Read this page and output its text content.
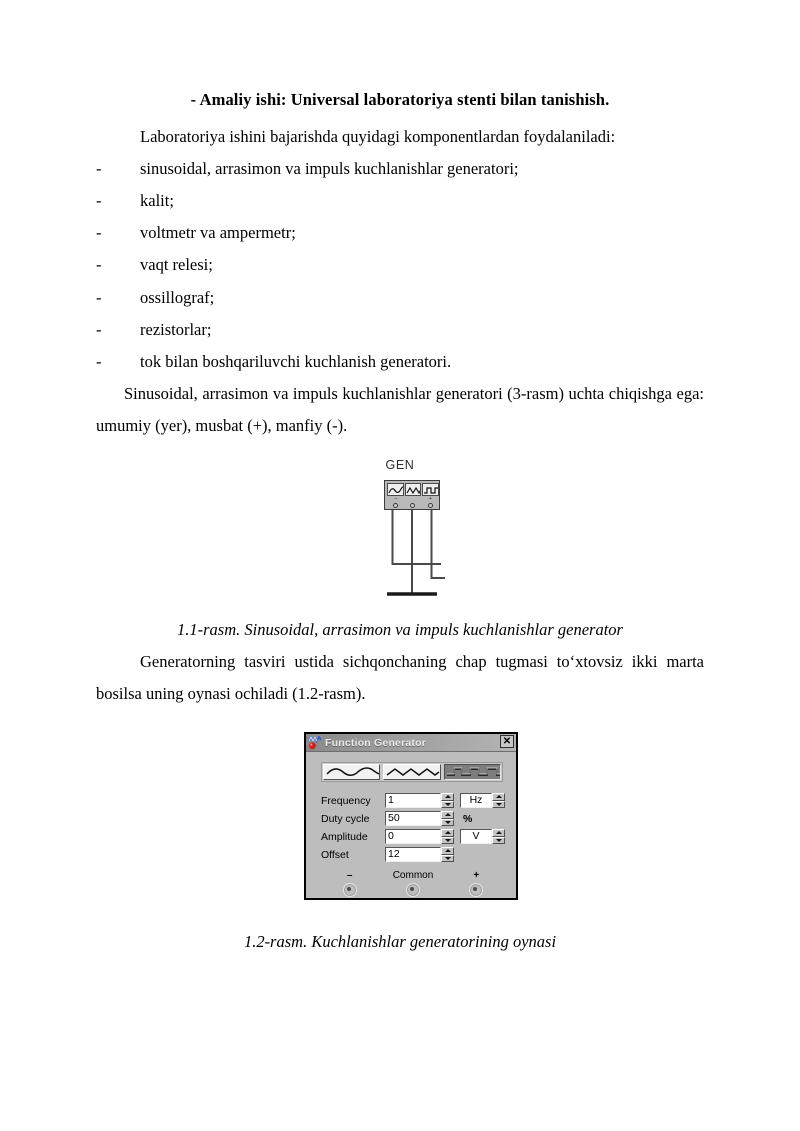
- Amaliy ishi: Universal laboratoriya stenti bilan tanishish.

Laboratoriya ishini bajarishda quyidagi komponentlardan foydalaniladi:

-	sinusoidal, arrasimon va impuls kuchlanishlar generatori;
-	kalit;
-	voltmetr va ampermetr;
-	vaqt relesi;
-	ossillograf;
-	rezistorlar;
-	tok bilan boshqariluvchi kuchlanish generatori.

Sinusoidal, arrasimon va impuls kuchlanishlar generatori (3-rasm) uchta chiqishga ega: umumiy (yer), musbat (+), manfiy (-).

GEN
–	+

1.1-rasm. Sinusoidal, arrasimon va impuls kuchlanishlar generator

Generatorning tasviri ustida sichqonchaning chap tugmasi to‘xtovsiz ikki marta bosilsa uning oynasi ochiladi (1.2-rasm).

Function Generator	✕
Frequency	1	Hz
Duty cycle	50	%
Amplitude	0	V
Offset	12
–	Common	+

1.2-rasm. Kuchlanishlar generatorining oynasi
